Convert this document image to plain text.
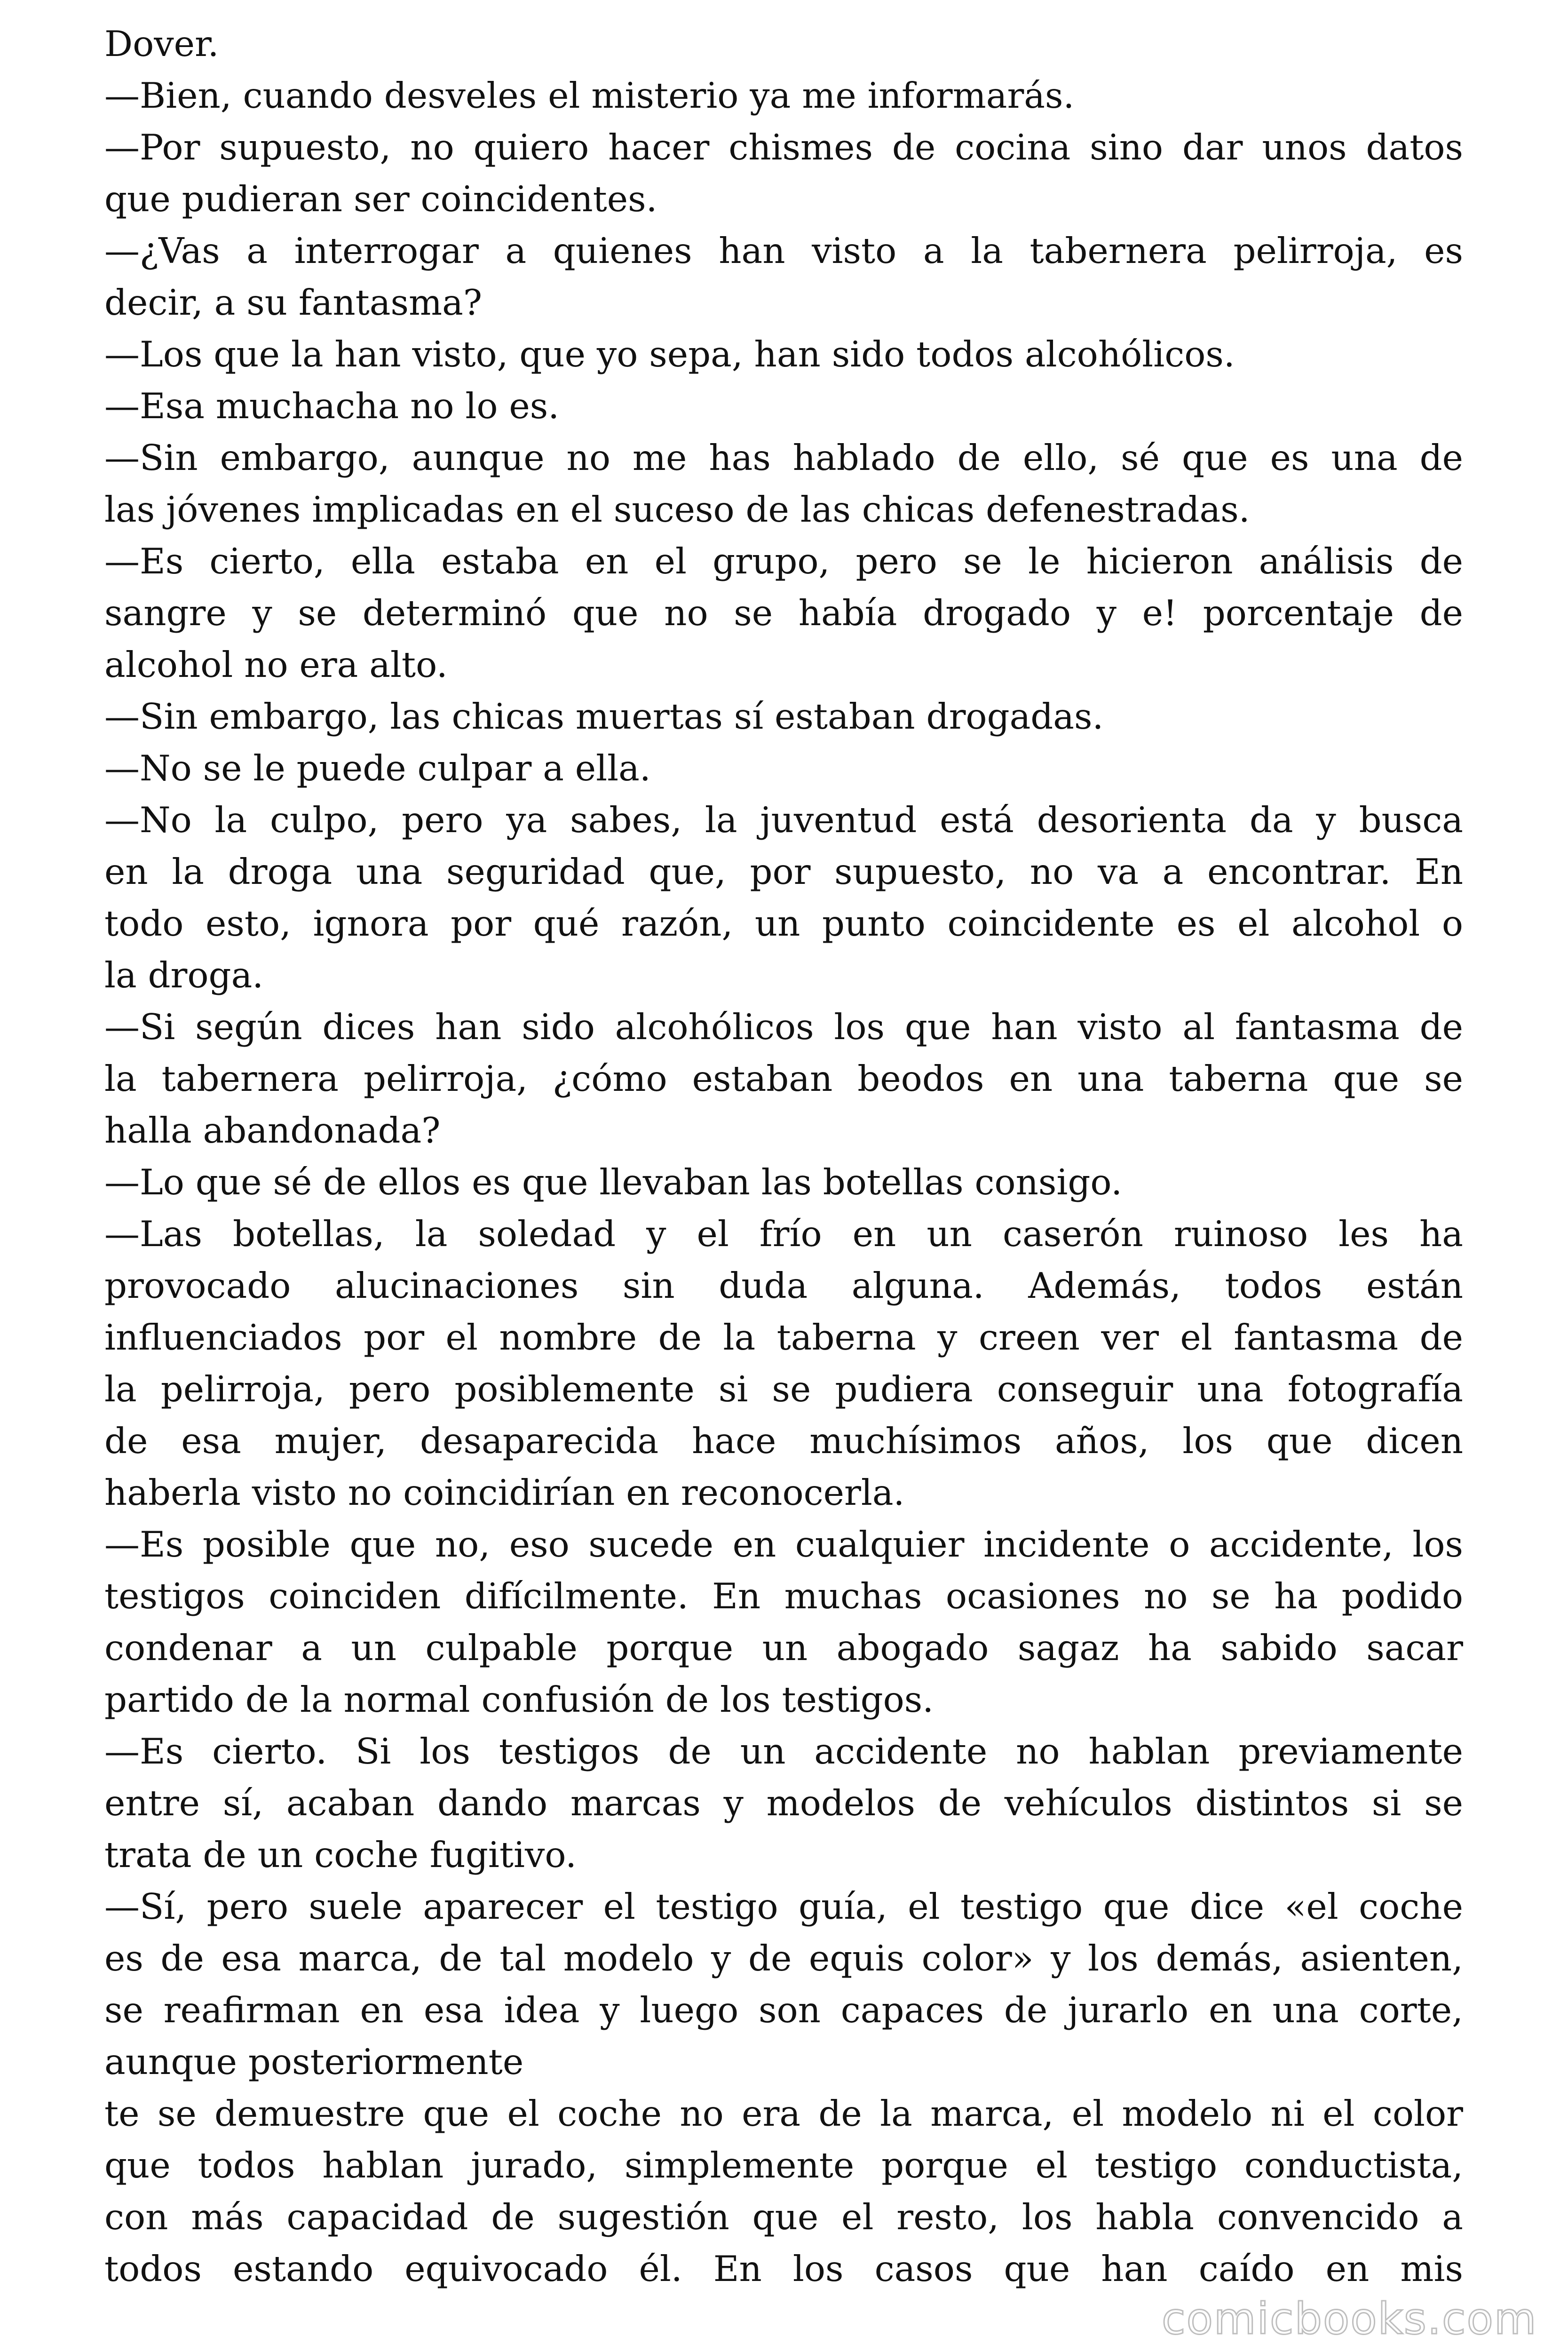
Dover.
—Bien, cuando desveles el misterio ya me informarás.
—Por supuesto, no quiero hacer chismes de cocina sino dar unos datos
que pudieran ser coincidentes.
—¿Vas a interrogar a quienes han visto a la tabernera pelirroja, es
decir, a su fantasma?
—Los que la han visto, que yo sepa, han sido todos alcohólicos.
—Esa muchacha no lo es.
—Sin embargo, aunque no me has hablado de ello, sé que es una de
las jóvenes implicadas en el suceso de las chicas defenestradas.
—Es cierto, ella estaba en el grupo, pero se le hicieron análisis de
sangre y se determinó que no se había drogado y e! porcentaje de
alcohol no era alto.
—Sin embargo, las chicas muertas sí estaban drogadas.
—No se le puede culpar a ella.
—No la culpo, pero ya sabes, la juventud está desorienta da y busca
en la droga una seguridad que, por supuesto, no va a encontrar. En
todo esto, ignora por qué razón, un punto coincidente es el alcohol o
la droga.
—Si según dices han sido alcohólicos los que han visto al fantasma de
la tabernera pelirroja, ¿cómo estaban beodos en una taberna que se
halla abandonada?
—Lo que sé de ellos es que llevaban las botellas consigo.
—Las botellas, la soledad y el frío en un caserón ruinoso les ha
provocado alucinaciones sin duda alguna. Además, todos están
influenciados por el nombre de la taberna y creen ver el fantasma de
la pelirroja, pero posiblemente si se pudiera conseguir una fotografía
de esa mujer, desaparecida hace muchísimos años, los que dicen
haberla visto no coincidirían en reconocerla.
—Es posible que no, eso sucede en cualquier incidente o accidente, los
testigos coinciden difícilmente. En muchas ocasiones no se ha podido
condenar a un culpable porque un abogado sagaz ha sabido sacar
partido de la normal confusión de los testigos.
—Es cierto. Si los testigos de un accidente no hablan previamente
entre sí, acaban dando marcas y modelos de vehículos distintos si se
trata de un coche fugitivo.
—Sí, pero suele aparecer el testigo guía, el testigo que dice «el coche
es de esa marca, de tal modelo y de equis color» y los demás, asienten,
se reafirman en esa idea y luego son capaces de jurarlo en una corte,
aunque posteriormente
te se demuestre que el coche no era de la marca, el modelo ni el color
que todos hablan jurado, simplemente porque el testigo conductista,
con más capacidad de sugestión que el resto, los habla convencido a
todos estando equivocado él. En los casos que han caído en mis
comicbooks.com
